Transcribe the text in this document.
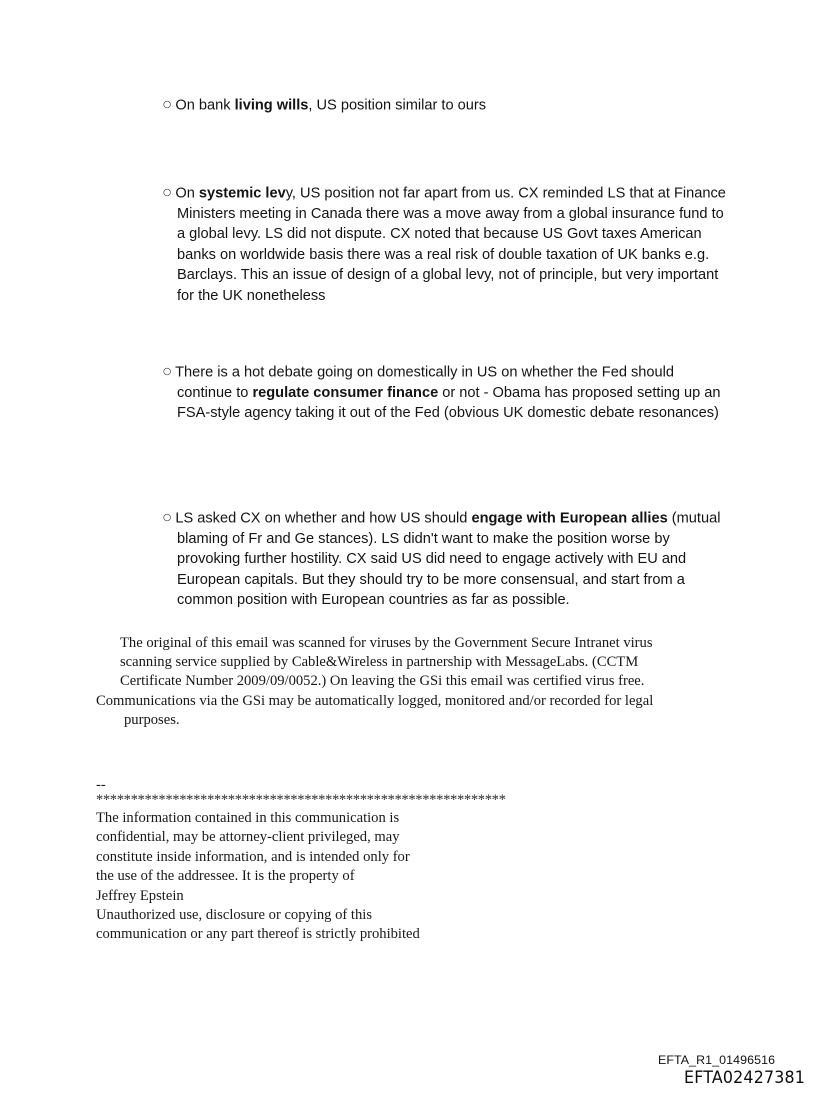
○ On bank living wills, US position similar to ours
○ On systemic levy, US position not far apart from us. CX reminded LS that at Finance Ministers meeting in Canada there was a move away from a global insurance fund to a global levy. LS did not dispute. CX noted that because US Govt taxes American banks on worldwide basis there was a real risk of double taxation of UK banks e.g. Barclays. This an issue of design of a global levy, not of principle, but very important for the UK nonetheless
○ There is a hot debate going on domestically in US on whether the Fed should continue to regulate consumer finance or not - Obama has proposed setting up an FSA-style agency taking it out of the Fed (obvious UK domestic debate resonances)
○ LS asked CX on whether and how US should engage with European allies (mutual blaming of Fr and Ge stances). LS didn't want to make the position worse by provoking further hostility. CX said US did need to engage actively with EU and European capitals. But they should try to be more consensual, and start from a common position with European countries as far as possible.
The original of this email was scanned for viruses by the Government Secure Intranet virus
scanning service supplied by Cable&Wireless in partnership with MessageLabs. (CCTM
Certificate Number 2009/09/0052.) On leaving the GSi this email was certified virus free.
Communications via the GSi may be automatically logged, monitored and/or recorded for legal
purposes.
--
***********************************************************
The information contained in this communication is
confidential, may be attorney-client privileged, may
constitute inside information, and is intended only for
the use of the addressee. It is the property of
Jeffrey Epstein
Unauthorized use, disclosure or copying of this
communication or any part thereof is strictly prohibited
EFTA_R1_01496516
EFTA02427381
